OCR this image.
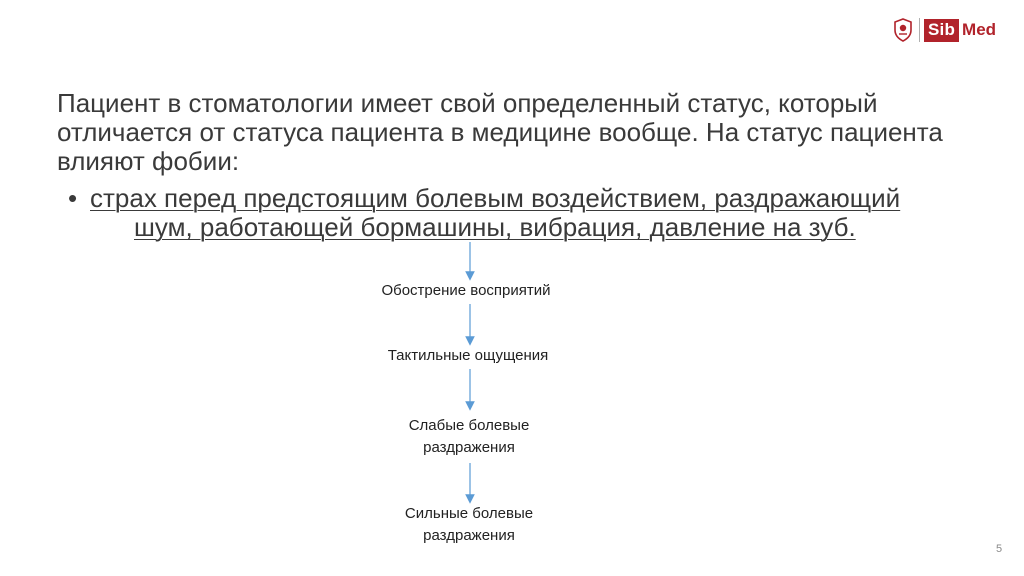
Sib Med

Пациент в стоматологии имеет свой определенный статус, который отличается от статуса пациента в медицине вообще. На статус пациента влияют фобии:

• страх перед предстоящим болевым воздействием, раздражающий

шум, работающей бормашины, вибрация, давление на зуб.

Обострение восприятий

Тактильные ощущения

Слабые болевые
раздражения

Сильные болевые
раздражения

5
